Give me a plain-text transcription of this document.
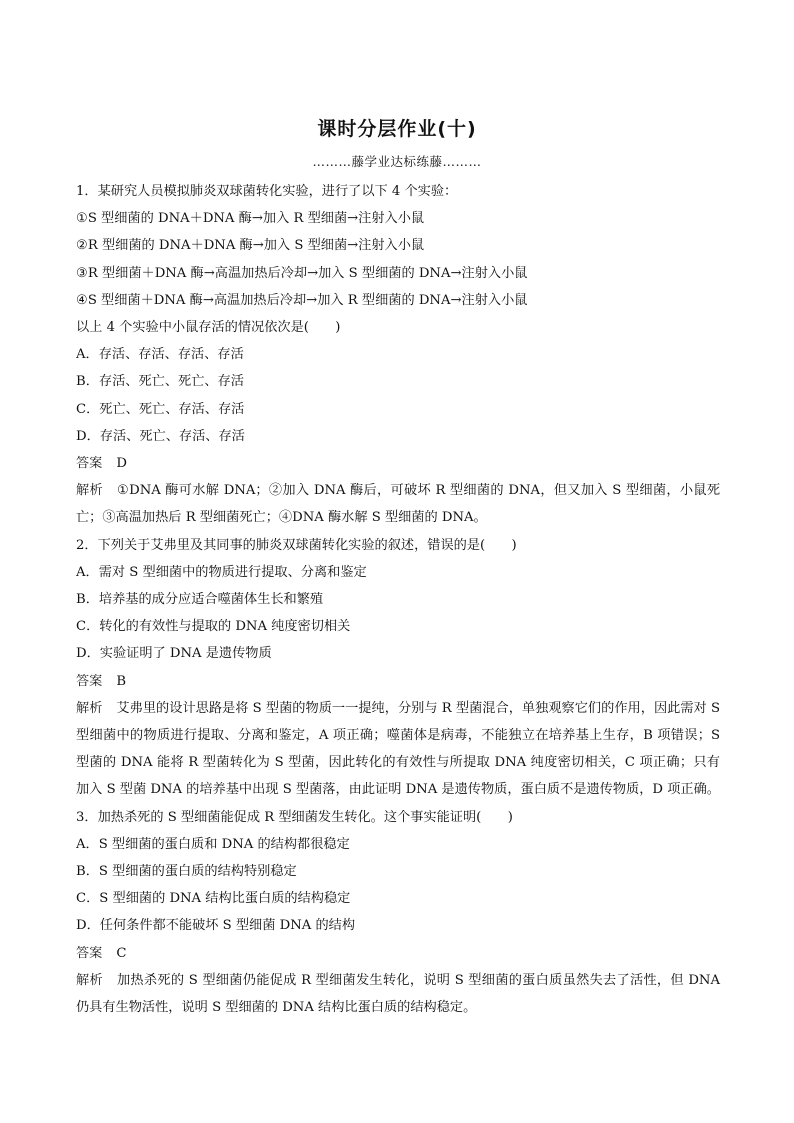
课时分层作业(十)
………藤学业达标练藤………

1．某研究人员模拟肺炎双球菌转化实验，进行了以下 4 个实验：

①S 型细菌的 DNA＋DNA 酶→加入 R 型细菌→注射入小鼠

②R 型细菌的 DNA＋DNA 酶→加入 S 型细菌→注射入小鼠

③R 型细菌＋DNA 酶→高温加热后冷却→加入 S 型细菌的 DNA→注射入小鼠

④S 型细菌＋DNA 酶→高温加热后冷却→加入 R 型细菌的 DNA→注射入小鼠

以上 4 个实验中小鼠存活的情况依次是(　　)

A．存活、存活、存活、存活

B．存活、死亡、死亡、存活

C．死亡、死亡、存活、存活

D．存活、死亡、存活、存活

答案 D

解析 ①DNA 酶可水解 DNA；②加入 DNA 酶后，可破坏 R 型细菌的 DNA，但又加入 S 型细菌，小鼠死亡；③高温加热后 R 型细菌死亡；④DNA 酶水解 S 型细菌的 DNA。

2．下列关于艾弗里及其同事的肺炎双球菌转化实验的叙述，错误的是(　　)

A．需对 S 型细菌中的物质进行提取、分离和鉴定

B．培养基的成分应适合噬菌体生长和繁殖

C．转化的有效性与提取的 DNA 纯度密切相关

D．实验证明了 DNA 是遗传物质

答案 B

解析 艾弗里的设计思路是将 S 型菌的物质一一提纯，分别与 R 型菌混合，单独观察它们的作用，因此需对 S 型细菌中的物质进行提取、分离和鉴定，A 项正确；噬菌体是病毒，不能独立在培养基上生存，B 项错误；S 型菌的 DNA 能将 R 型菌转化为 S 型菌，因此转化的有效性与所提取 DNA 纯度密切相关，C 项正确；只有加入 S 型菌 DNA 的培养基中出现 S 型菌落，由此证明 DNA 是遗传物质，蛋白质不是遗传物质，D 项正确。

3．加热杀死的 S 型细菌能促成 R 型细菌发生转化。这个事实能证明(　　)

A．S 型细菌的蛋白质和 DNA 的结构都很稳定

B．S 型细菌的蛋白质的结构特别稳定

C．S 型细菌的 DNA 结构比蛋白质的结构稳定

D．任何条件都不能破坏 S 型细菌 DNA 的结构

答案 C

解析 加热杀死的 S 型细菌仍能促成 R 型细菌发生转化，说明 S 型细菌的蛋白质虽然失去了活性，但 DNA 仍具有生物活性，说明 S 型细菌的 DNA 结构比蛋白质的结构稳定。
